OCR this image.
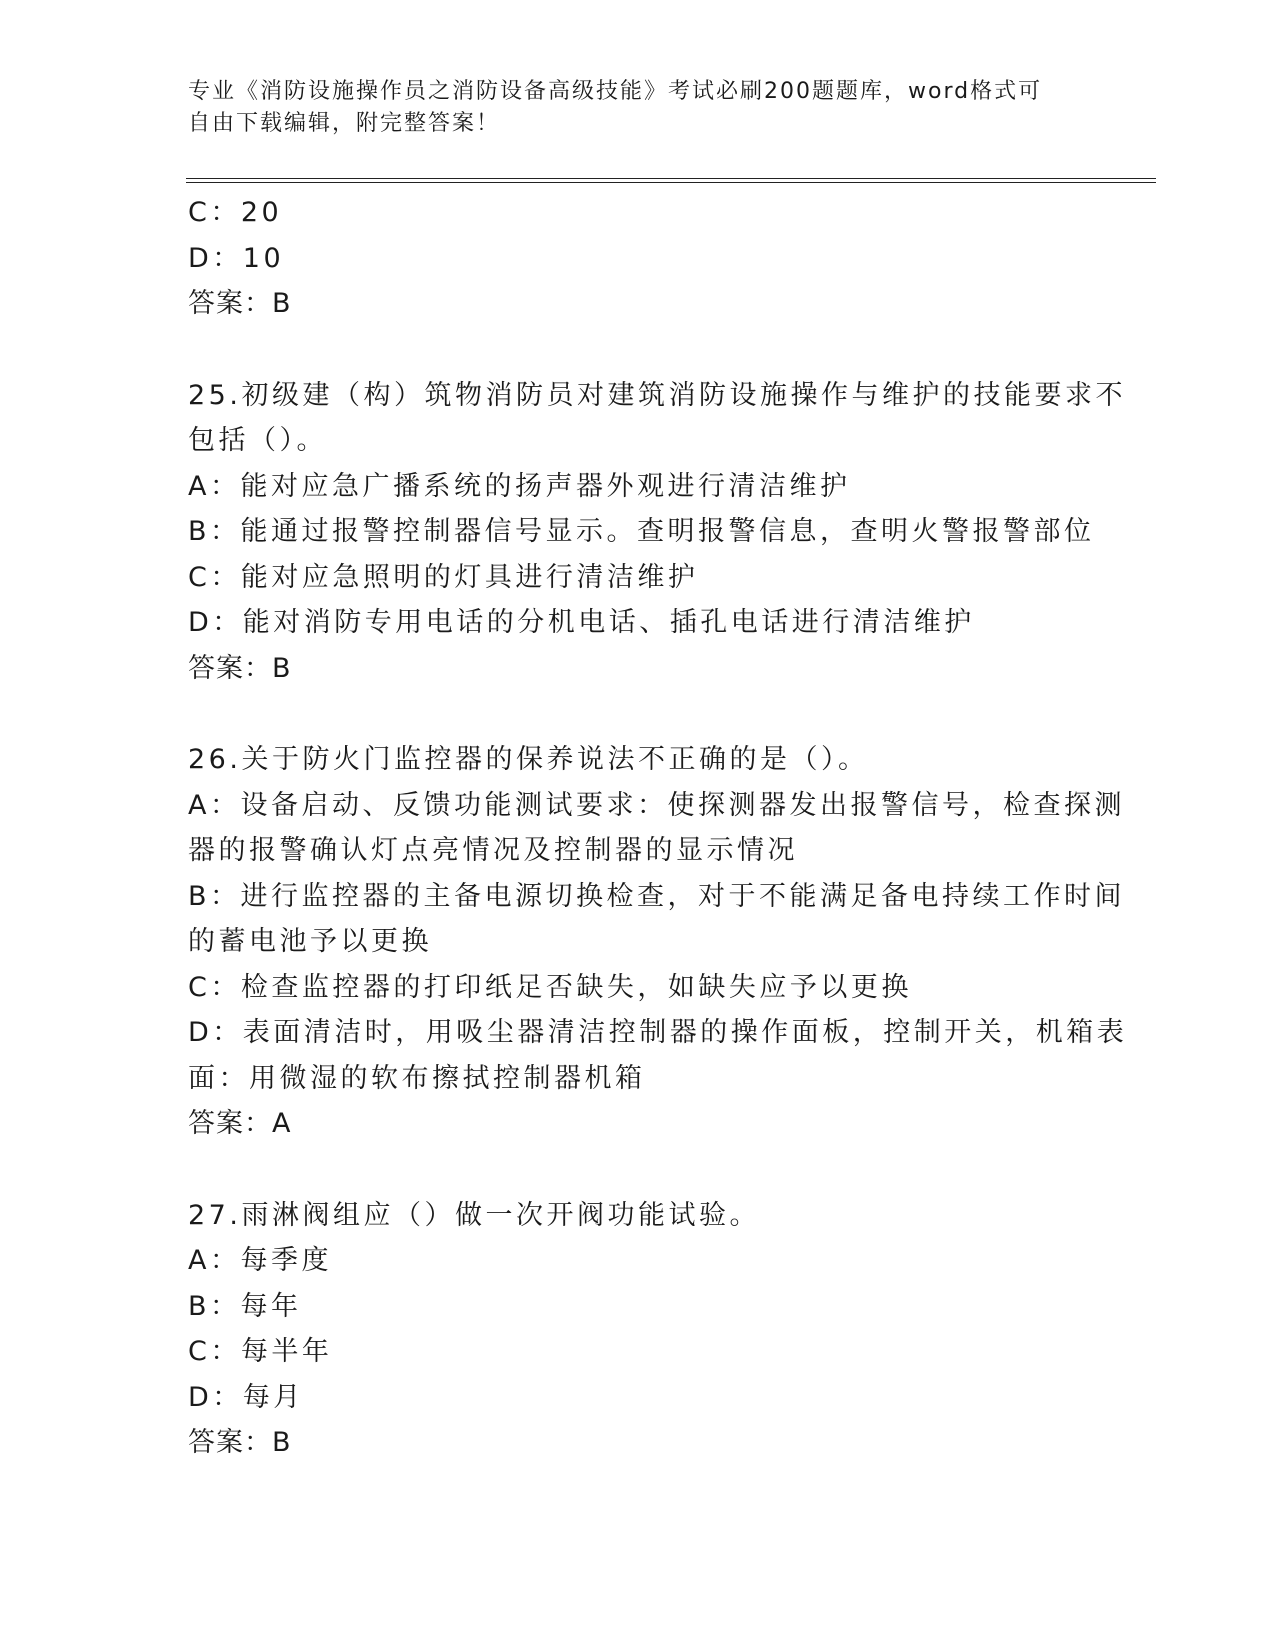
专业《消防设施操作员之消防设备高级技能》考试必刷200题题库，word格式可
自由下载编辑，附完整答案！
C：20
D：10
答案：B
25.初级建（构）筑物消防员对建筑消防设施操作与维护的技能要求不
包括（）。
A：能对应急广播系统的扬声器外观进行清洁维护
B：能通过报警控制器信号显示。查明报警信息，查明火警报警部位
C：能对应急照明的灯具进行清洁维护
D：能对消防专用电话的分机电话、插孔电话进行清洁维护
答案：B
26.关于防火门监控器的保养说法不正确的是（）。
A：设备启动、反馈功能测试要求：使探测器发出报警信号，检查探测
器的报警确认灯点亮情况及控制器的显示情况
B：进行监控器的主备电源切换检查，对于不能满足备电持续工作时间
的蓄电池予以更换
C：检查监控器的打印纸足否缺失，如缺失应予以更换
D：表面清洁时，用吸尘器清洁控制器的操作面板，控制开关，机箱表
面：用微湿的软布擦拭控制器机箱
答案：A
27.雨淋阀组应（）做一次开阀功能试验。
A：每季度
B：每年
C：每半年
D：每月
答案：B
